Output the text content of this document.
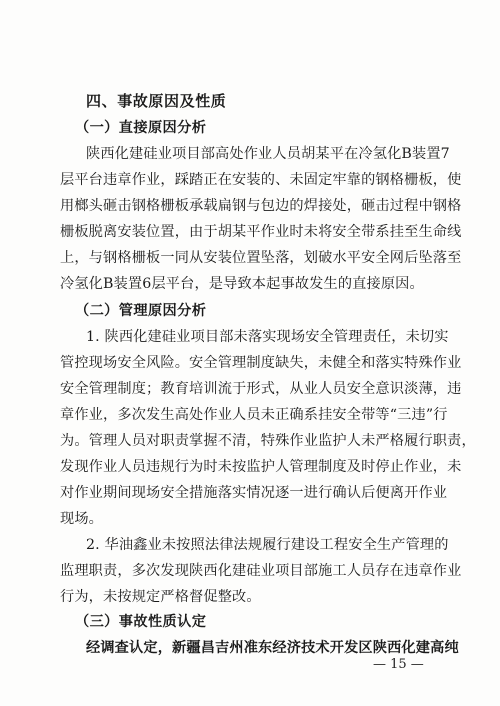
四、事故原因及性质
（一）直接原因分析
陕西化建硅业项目部高处作业人员胡某平在冷氢化B装置7
层平台违章作业，踩踏正在安装的、未固定牢靠的钢格栅板，使
用榔头砸击钢格栅板承载扁钢与包边的焊接处，砸击过程中钢格
栅板脱离安装位置，由于胡某平作业时未将安全带系挂至生命线
上，与钢格栅板一同从安装位置坠落，划破水平安全网后坠落至
冷氢化B装置6层平台，是导致本起事故发生的直接原因。
（二）管理原因分析
1. 陕西化建硅业项目部未落实现场安全管理责任，未切实
管控现场安全风险。安全管理制度缺失，未健全和落实特殊作业
安全管理制度；教育培训流于形式，从业人员安全意识淡薄，违
章作业，多次发生高处作业人员未正确系挂安全带等“三违”行
为。管理人员对职责掌握不清，特殊作业监护人未严格履行职责，
发现作业人员违规行为时未按监护人管理制度及时停止作业，未
对作业期间现场安全措施落实情况逐一进行确认后便离开作业
现场。
2. 华油鑫业未按照法律法规履行建设工程安全生产管理的
监理职责，多次发现陕西化建硅业项目部施工人员存在违章作业
行为，未按规定严格督促整改。
（三）事故性质认定
经调查认定，新疆昌吉州准东经济技术开发区陕西化建高纯
— 15 —
